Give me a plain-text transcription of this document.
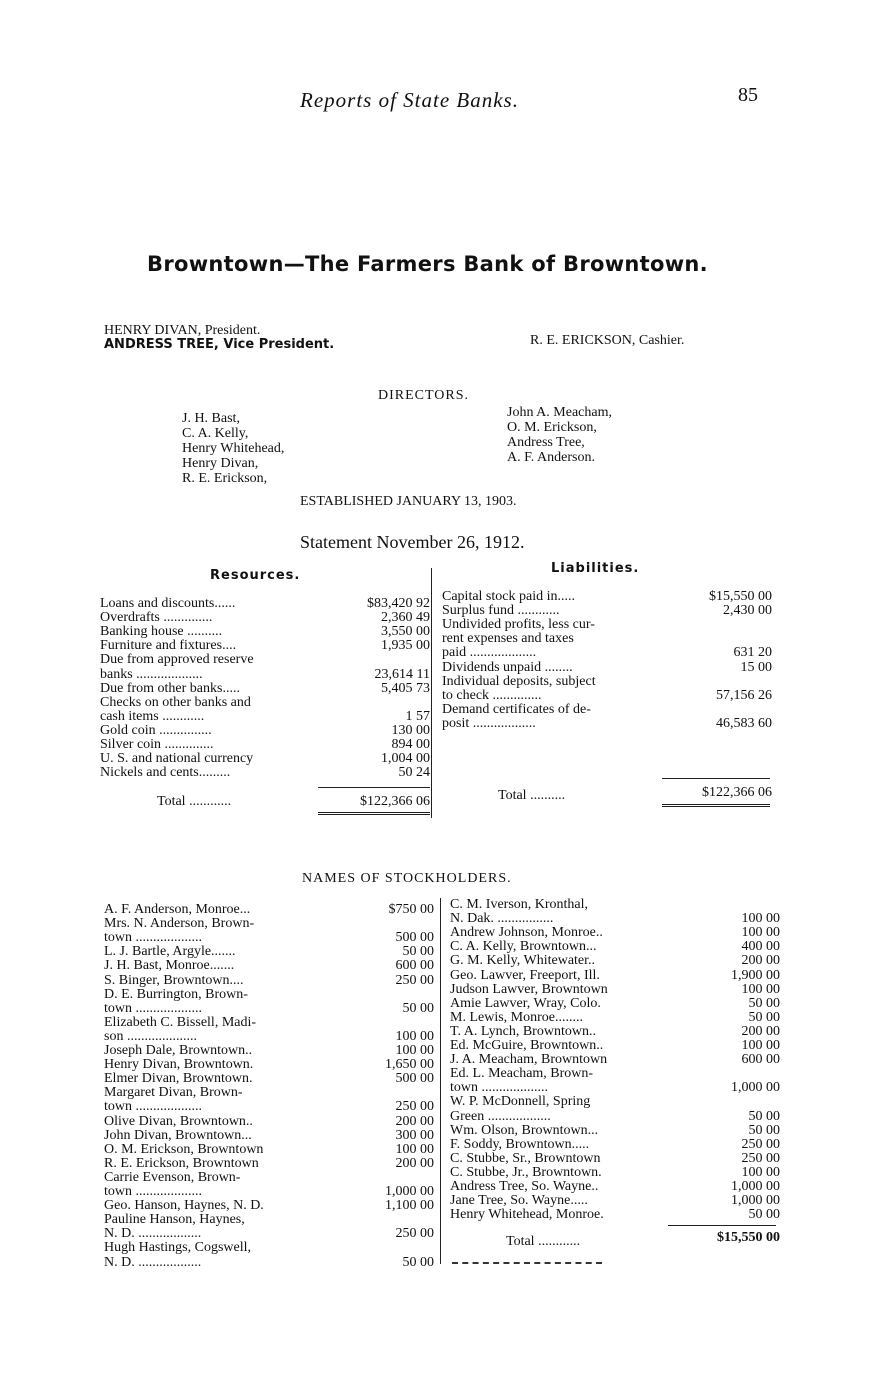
Reports of State Banks.	85
Browntown—The Farmers Bank of Browntown.
HENRY DIVAN, President.
ANDRESS TREE, Vice President.	R. E. ERICKSON, Cashier.
DIRECTORS.
J. H. Bast,
C. A. Kelly,
Henry Whitehead,
Henry Divan,
R. E. Erickson,
John A. Meacham,
O. M. Erickson,
Andress Tree,
A. F. Anderson.
ESTABLISHED JANUARY 13, 1903.
Statement November 26, 1912.
Resources.	Liabilities.
Loans and discounts......	$83,420 92
Overdrafts ..............	2,360 49
Banking house ..........	3,550 00
Furniture and fixtures....	1,935 00
Due from approved reserve
banks ...................	23,614 11
Due from other banks.....	5,405 73
Checks on other banks and
cash items ............	1 57
Gold coin ...............	130 00
Silver coin ..............	894 00
U. S. and national currency	1,004 00
Nickels and cents.........	50 24
Capital stock paid in.....	$15,550 00
Surplus fund ............	2,430 00
Undivided profits, less cur-
rent expenses and taxes
paid ...................	631 20
Dividends unpaid ........	15 00
Individual deposits, subject
to check ..............	57,156 26
Demand certificates of de-
posit ..................	46,583 60
Total ............	$122,366 06	Total ..........	$122,366 06
NAMES OF STOCKHOLDERS.
A. F. Anderson, Monroe...	$750 00
Mrs. N. Anderson, Brown-
town ...................	500 00
L. J. Bartle, Argyle.......	50 00
J. H. Bast, Monroe.......	600 00
S. Binger, Browntown....	250 00
D. E. Burrington, Brown-
town ...................	50 00
Elizabeth C. Bissell, Madi-
son ....................	100 00
Joseph Dale, Browntown..	100 00
Henry Divan, Browntown.	1,650 00
Elmer Divan, Browntown.	500 00
Margaret Divan, Brown-
town ...................	250 00
Olive Divan, Browntown..	200 00
John Divan, Browntown...	300 00
O. M. Erickson, Browntown	100 00
R. E. Erickson, Browntown	200 00
Carrie Evenson, Brown-
town ...................	1,000 00
Geo. Hanson, Haynes, N. D.	1,100 00
Pauline Hanson, Haynes,
N. D. ..................	250 00
Hugh Hastings, Cogswell,
N. D. ..................	50 00
C. M. Iverson, Kronthal,
N. Dak. ................	100 00
Andrew Johnson, Monroe..	100 00
C. A. Kelly, Browntown...	400 00
G. M. Kelly, Whitewater..	200 00
Geo. Lawver, Freeport, Ill.	1,900 00
Judson Lawver, Browntown	100 00
Amie Lawver, Wray, Colo.	50 00
M. Lewis, Monroe........	50 00
T. A. Lynch, Browntown..	200 00
Ed. McGuire, Browntown..	100 00
J. A. Meacham, Browntown	600 00
Ed. L. Meacham, Brown-
town ...................	1,000 00
W. P. McDonnell, Spring
Green ..................	50 00
Wm. Olson, Browntown...	50 00
F. Soddy, Browntown.....	250 00
C. Stubbe, Sr., Browntown	250 00
C. Stubbe, Jr., Browntown.	100 00
Andress Tree, So. Wayne..	1,000 00
Jane Tree, So. Wayne.....	1,000 00
Henry Whitehead, Monroe.	50 00
Total ............	$15,550 00
